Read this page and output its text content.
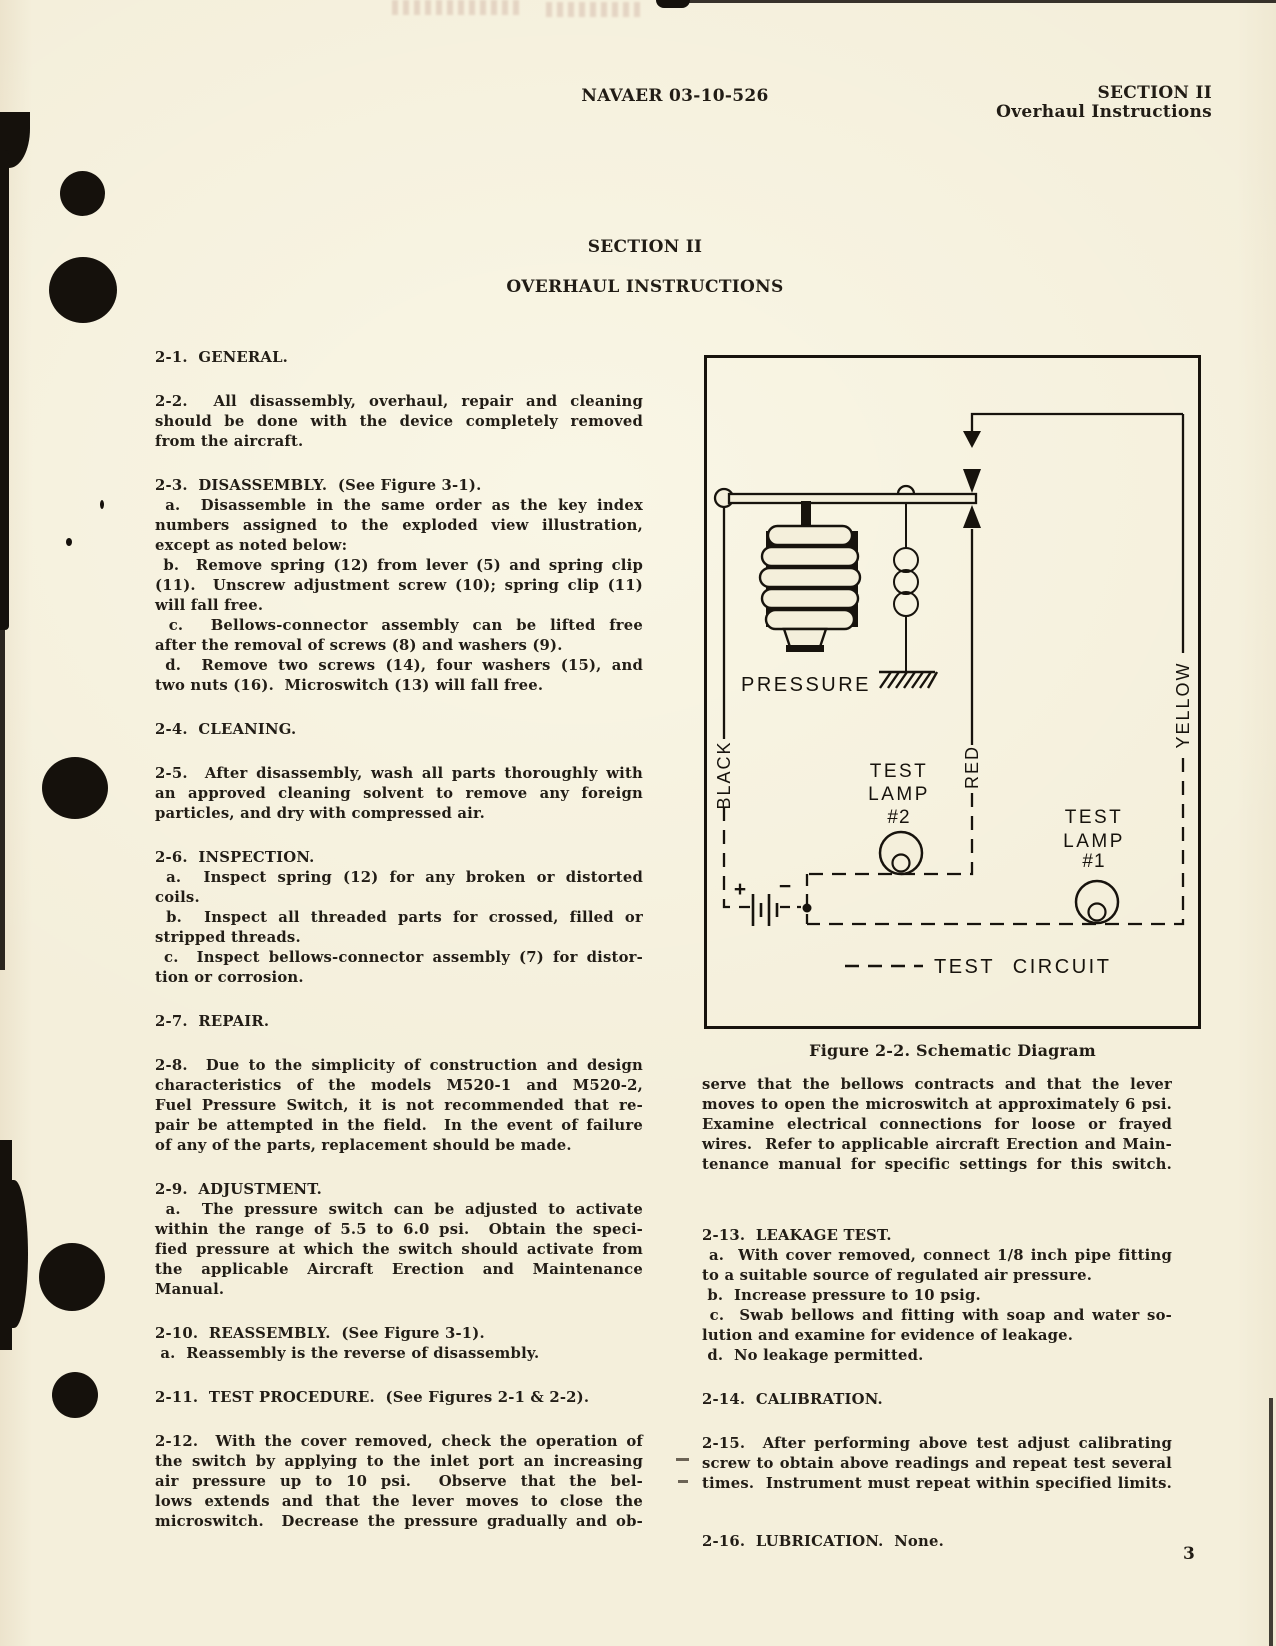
NAVAER 03-10-526	SECTION II
Overhaul Instructions
SECTION II
OVERHAUL INSTRUCTIONS
2-1.  GENERAL.
2-2.  All disassembly, overhaul, repair and cleaning
should be done with the device completely removed
from the aircraft.
2-3.  DISASSEMBLY.  (See Figure 3-1).
a.  Disassemble in the same order as the key index
numbers assigned to the exploded view illustration,
except as noted below:
b.  Remove spring (12) from lever (5) and spring clip
(11).  Unscrew adjustment screw (10); spring clip (11)
will fall free.
c.  Bellows-connector assembly can be lifted free
after the removal of screws (8) and washers (9).
d.  Remove two screws (14), four washers (15), and
two nuts (16).  Microswitch (13) will fall free.
2-4.  CLEANING.
2-5.  After disassembly, wash all parts thoroughly with
an approved cleaning solvent to remove any foreign
particles, and dry with compressed air.
2-6.  INSPECTION.
a.  Inspect spring (12) for any broken or distorted
coils.
b.  Inspect all threaded parts for crossed, filled or
stripped threads.
c.  Inspect bellows-connector assembly (7) for distor-
tion or corrosion.
2-7.  REPAIR.
2-8.  Due to the simplicity of construction and design
characteristics of the models M520-1 and M520-2,
Fuel Pressure Switch, it is not recommended that re-
pair be attempted in the field.  In the event of failure
of any of the parts, replacement should be made.
2-9.  ADJUSTMENT.
a.  The pressure switch can be adjusted to activate
within the range of 5.5 to 6.0 psi.  Obtain the speci-
fied pressure at which the switch should activate from
the applicable Aircraft Erection and Maintenance
Manual.
2-10.  REASSEMBLY.  (See Figure 3-1).
a.  Reassembly is the reverse of disassembly.
2-11.  TEST PROCEDURE.  (See Figures 2-1 & 2-2).
2-12.  With the cover removed, check the operation of
the switch by applying to the inlet port an increasing
air pressure up to 10 psi.  Observe that the bel-
lows extends and that the lever moves to close the
microswitch.  Decrease the pressure gradually and ob-
PRESSURE
BLACK	RED
YELLOW
TEST
LAMP
#2	TEST
LAMP
#1
+ −
TEST CIRCUIT
Figure 2-2. Schematic Diagram
serve that the bellows contracts and that the lever
moves to open the microswitch at approximately 6 psi.
Examine electrical connections for loose or frayed
wires.  Refer to applicable aircraft Erection and Main-
tenance manual for specific settings for this switch.
2-13.  LEAKAGE TEST.
a.  With cover removed, connect 1/8 inch pipe fitting
to a suitable source of regulated air pressure.
b.  Increase pressure to 10 psig.
c.  Swab bellows and fitting with soap and water so-
lution and examine for evidence of leakage.
d.  No leakage permitted.
2-14.  CALIBRATION.
2-15.  After performing above test adjust calibrating
screw to obtain above readings and repeat test several
times.  Instrument must repeat within specified limits.
2-16.  LUBRICATION.  None.
3
